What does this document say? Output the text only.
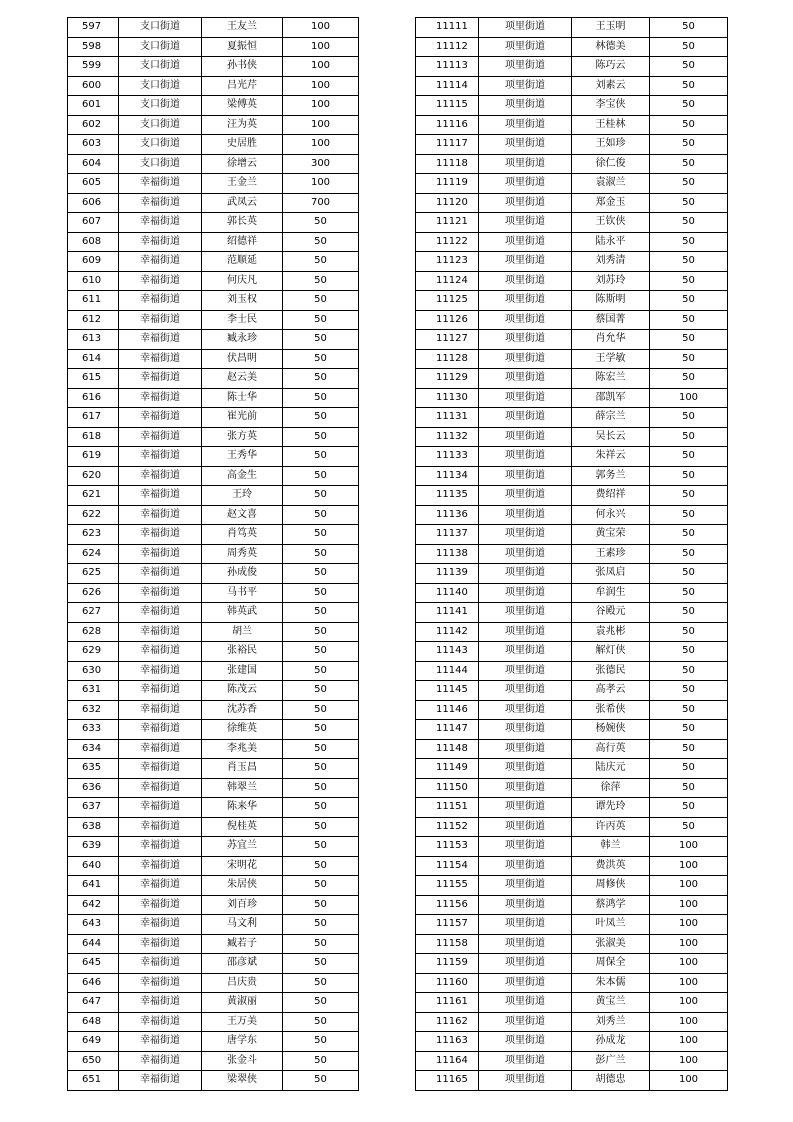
597	支口街道	王友兰	100
598	支口街道	夏振恒	100
599	支口街道	孙书侠	100
600	支口街道	吕光芹	100
601	支口街道	梁傅英	100
602	支口街道	汪为英	100
603	支口街道	史居胜	100
604	支口街道	徐增云	300
605	幸福街道	王金兰	100
606	幸福街道	武凤云	700
607	幸福街道	郭长英	50
608	幸福街道	绍德祥	50
609	幸福街道	范顺延	50
610	幸福街道	何庆凡	50
611	幸福街道	刘玉权	50
612	幸福街道	李士民	50
613	幸福街道	臧永珍	50
614	幸福街道	伏昌明	50
615	幸福街道	赵云美	50
616	幸福街道	陈士华	50
617	幸福街道	崔光前	50
618	幸福街道	张方英	50
619	幸福街道	王秀华	50
620	幸福街道	高金生	50
621	幸福街道	王玲	50
622	幸福街道	赵文喜	50
623	幸福街道	肖笃英	50
624	幸福街道	周秀英	50
625	幸福街道	孙成俊	50
626	幸福街道	马书平	50
627	幸福街道	韩英武	50
628	幸福街道	胡兰	50
629	幸福街道	张裕民	50
630	幸福街道	张建国	50
631	幸福街道	陈茂云	50
632	幸福街道	沈苏香	50
633	幸福街道	徐维英	50
634	幸福街道	李兆美	50
635	幸福街道	肖玉昌	50
636	幸福街道	韩翠兰	50
637	幸福街道	陈来华	50
638	幸福街道	倪桂英	50
639	幸福街道	苏宜兰	50
640	幸福街道	宋明花	50
641	幸福街道	朱居侠	50
642	幸福街道	刘百珍	50
643	幸福街道	马文利	50
644	幸福街道	臧若子	50
645	幸福街道	邵彦斌	50
646	幸福街道	吕庆贵	50
647	幸福街道	黄淑丽	50
648	幸福街道	王万美	50
649	幸福街道	唐学东	50
650	幸福街道	张金斗	50
651	幸福街道	梁翠侠	50
11111	项里街道	王玉明	50
11112	项里街道	林德美	50
11113	项里街道	陈巧云	50
11114	项里街道	刘素云	50
11115	项里街道	李宝侠	50
11116	项里街道	王桂林	50
11117	项里街道	王如珍	50
11118	项里街道	徐仁俊	50
11119	项里街道	袁淑兰	50
11120	项里街道	郑金玉	50
11121	项里街道	王钦侠	50
11122	项里街道	陆永平	50
11123	项里街道	刘秀清	50
11124	项里街道	刘苏玲	50
11125	项里街道	陈斯明	50
11126	项里街道	蔡国菁	50
11127	项里街道	肖允华	50
11128	项里街道	王学敏	50
11129	项里街道	陈宏兰	50
11130	项里街道	邵凯军	100
11131	项里街道	薛宗兰	50
11132	项里街道	吴长云	50
11133	项里街道	朱祥云	50
11134	项里街道	郭务兰	50
11135	项里街道	费绍祥	50
11136	项里街道	何永兴	50
11137	项里街道	黄宝荣	50
11138	项里街道	王素珍	50
11139	项里街道	张凤启	50
11140	项里街道	牟润生	50
11141	项里街道	谷殿元	50
11142	项里街道	袁兆彬	50
11143	项里街道	解灯侠	50
11144	项里街道	张德民	50
11145	项里街道	高孝云	50
11146	项里街道	张希侠	50
11147	项里街道	杨婉侠	50
11148	项里街道	高行英	50
11149	项里街道	陆庆元	50
11150	项里街道	徐萍	50
11151	项里街道	谭先玲	50
11152	项里街道	许丙英	50
11153	项里街道	韩兰	100
11154	项里街道	费洪英	100
11155	项里街道	周修侠	100
11156	项里街道	蔡鸿学	100
11157	项里街道	叶凤兰	100
11158	项里街道	张淑美	100
11159	项里街道	周保全	100
11160	项里街道	朱本儒	100
11161	项里街道	黄宝兰	100
11162	项里街道	刘秀兰	100
11163	项里街道	孙成龙	100
11164	项里街道	彭广兰	100
11165	项里街道	胡德忠	100
